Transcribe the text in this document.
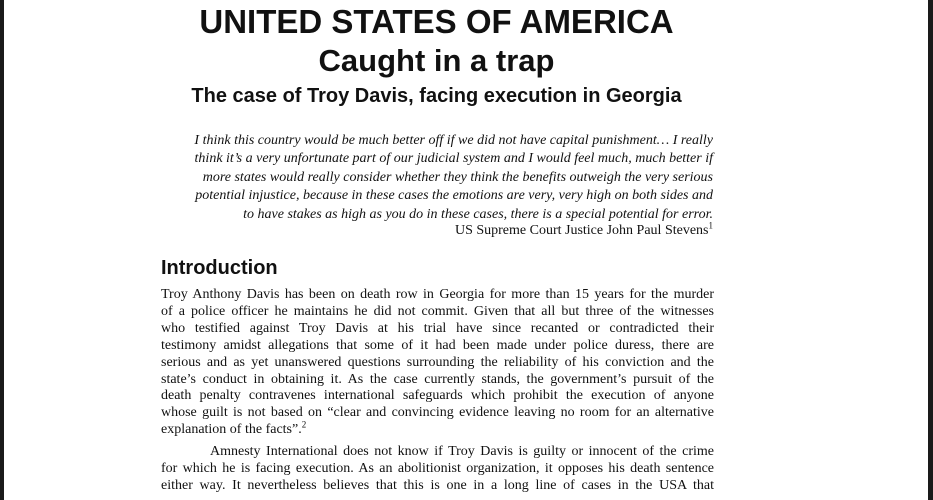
UNITED STATES OF AMERICA
Caught in a trap
The case of Troy Davis, facing execution in Georgia
I think this country would be much better off if we did not have capital punishment… I really
think it’s a very unfortunate part of our judicial system and I would feel much, much better if
more states would really consider whether they think the benefits outweigh the very serious
potential injustice, because in these cases the emotions are very, very high on both sides and
to have stakes as high as you do in these cases, there is a special potential for error.
US Supreme Court Justice John Paul Stevens$^1$
Introduction
Troy Anthony Davis has been on death row in Georgia for more than 15 years for the murder
of a police officer he maintains he did not commit. Given that all but three of the witnesses
who testified against Troy Davis at his trial have since recanted or contradicted their
testimony amidst allegations that some of it had been made under police duress, there are
serious and as yet unanswered questions surrounding the reliability of his conviction and the
state’s conduct in obtaining it. As the case currently stands, the government’s pursuit of the
death penalty contravenes international safeguards which prohibit the execution of anyone
whose guilt is not based on “clear and convincing evidence leaving no room for an alternative
explanation of the facts”.$^2$
Amnesty International does not know if Troy Davis is guilty or innocent of the crime
for which he is facing execution. As an abolitionist organization, it opposes his death sentence
either way. It nevertheless believes that this is one in a long line of cases in the USA that
